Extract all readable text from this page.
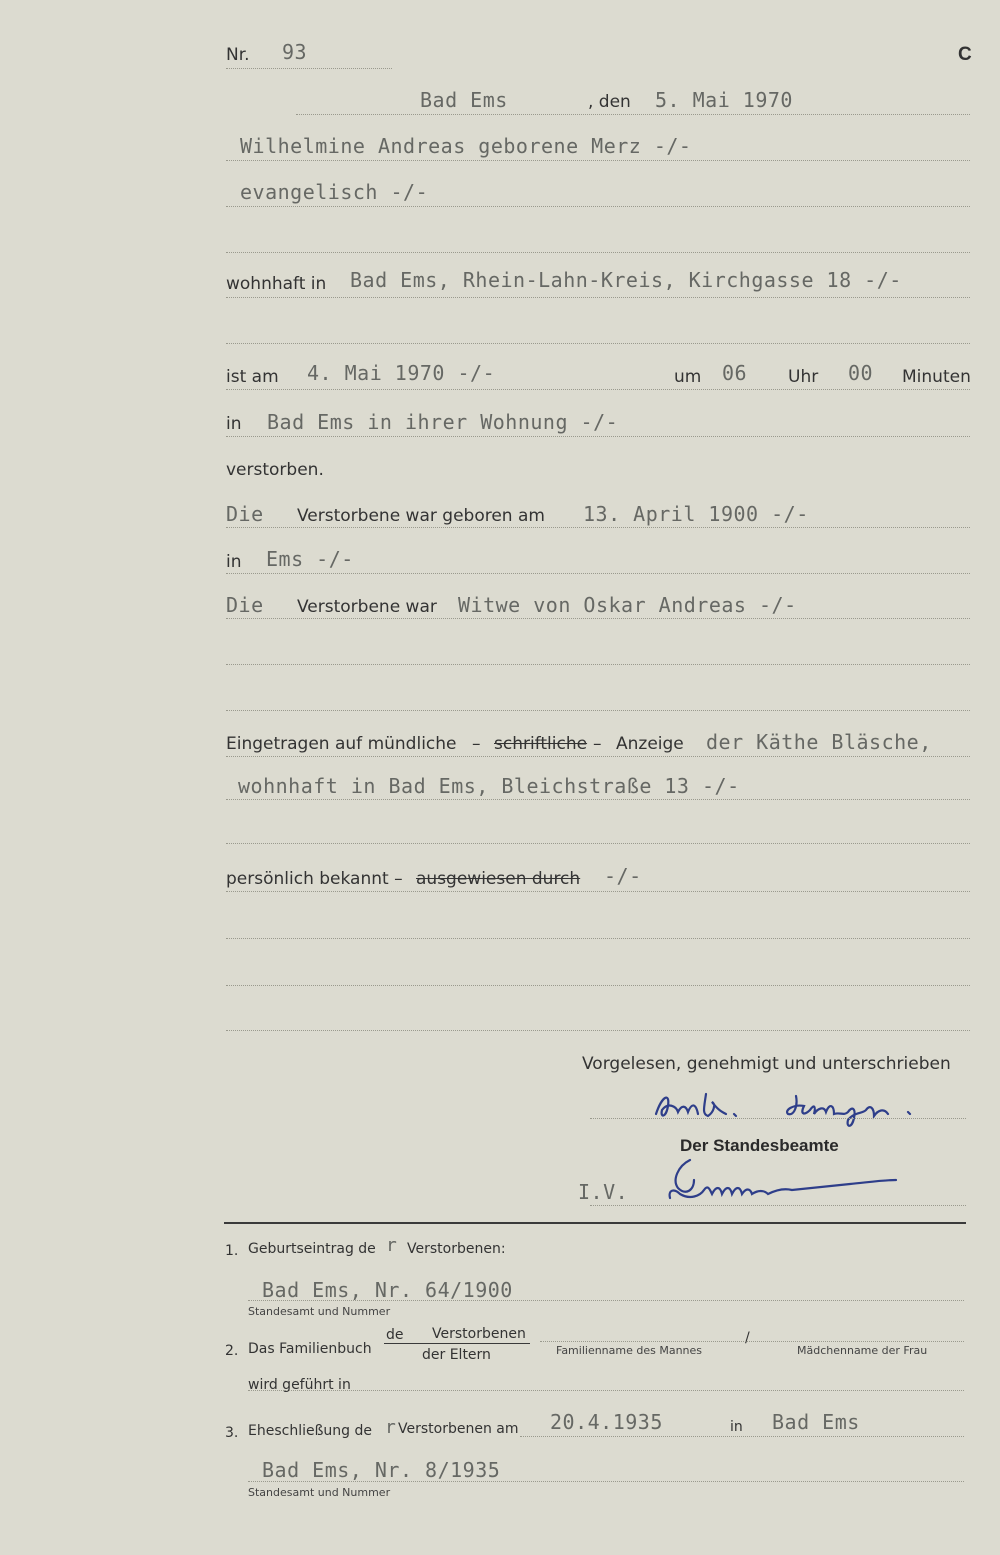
Nr. 93	C
Bad Ems	, den 5. Mai 1970
Wilhelmine Andreas geborene Merz -/-
evangelisch -/-
wohnhaft in Bad Ems, Rhein-Lahn-Kreis, Kirchgasse 18 -/-
ist am 4. Mai 1970 -/-	um 06 Uhr 00 Minuten
in Bad Ems in ihrer Wohnung -/-
verstorben.
Die Verstorbene war geboren am 13. April 1900 -/-
in Ems -/-
Die Verstorbene war Witwe von Oskar Andreas -/-
Eingetragen auf mündliche – schriftliche – Anzeige der Käthe Bläsche,
wohnhaft in Bad Ems, Bleichstraße 13 -/-
persönlich bekannt – ausgewiesen durch -/-
Vorgelesen, genehmigt und unterschrieben
Der Standesbeamte
I.V.
1. Geburtseintrag de r Verstorbenen:
Bad Ems, Nr. 64/1900
Standesamt und Nummer
2. Das Familienbuch
de Verstorbenen
der Eltern	Familienname des Mannes
/
Mädchenname der Frau
wird geführt in
3. Eheschließung de r Verstorbenen am 20.4.1935	in Bad Ems
Bad Ems, Nr. 8/1935
Standesamt und Nummer
